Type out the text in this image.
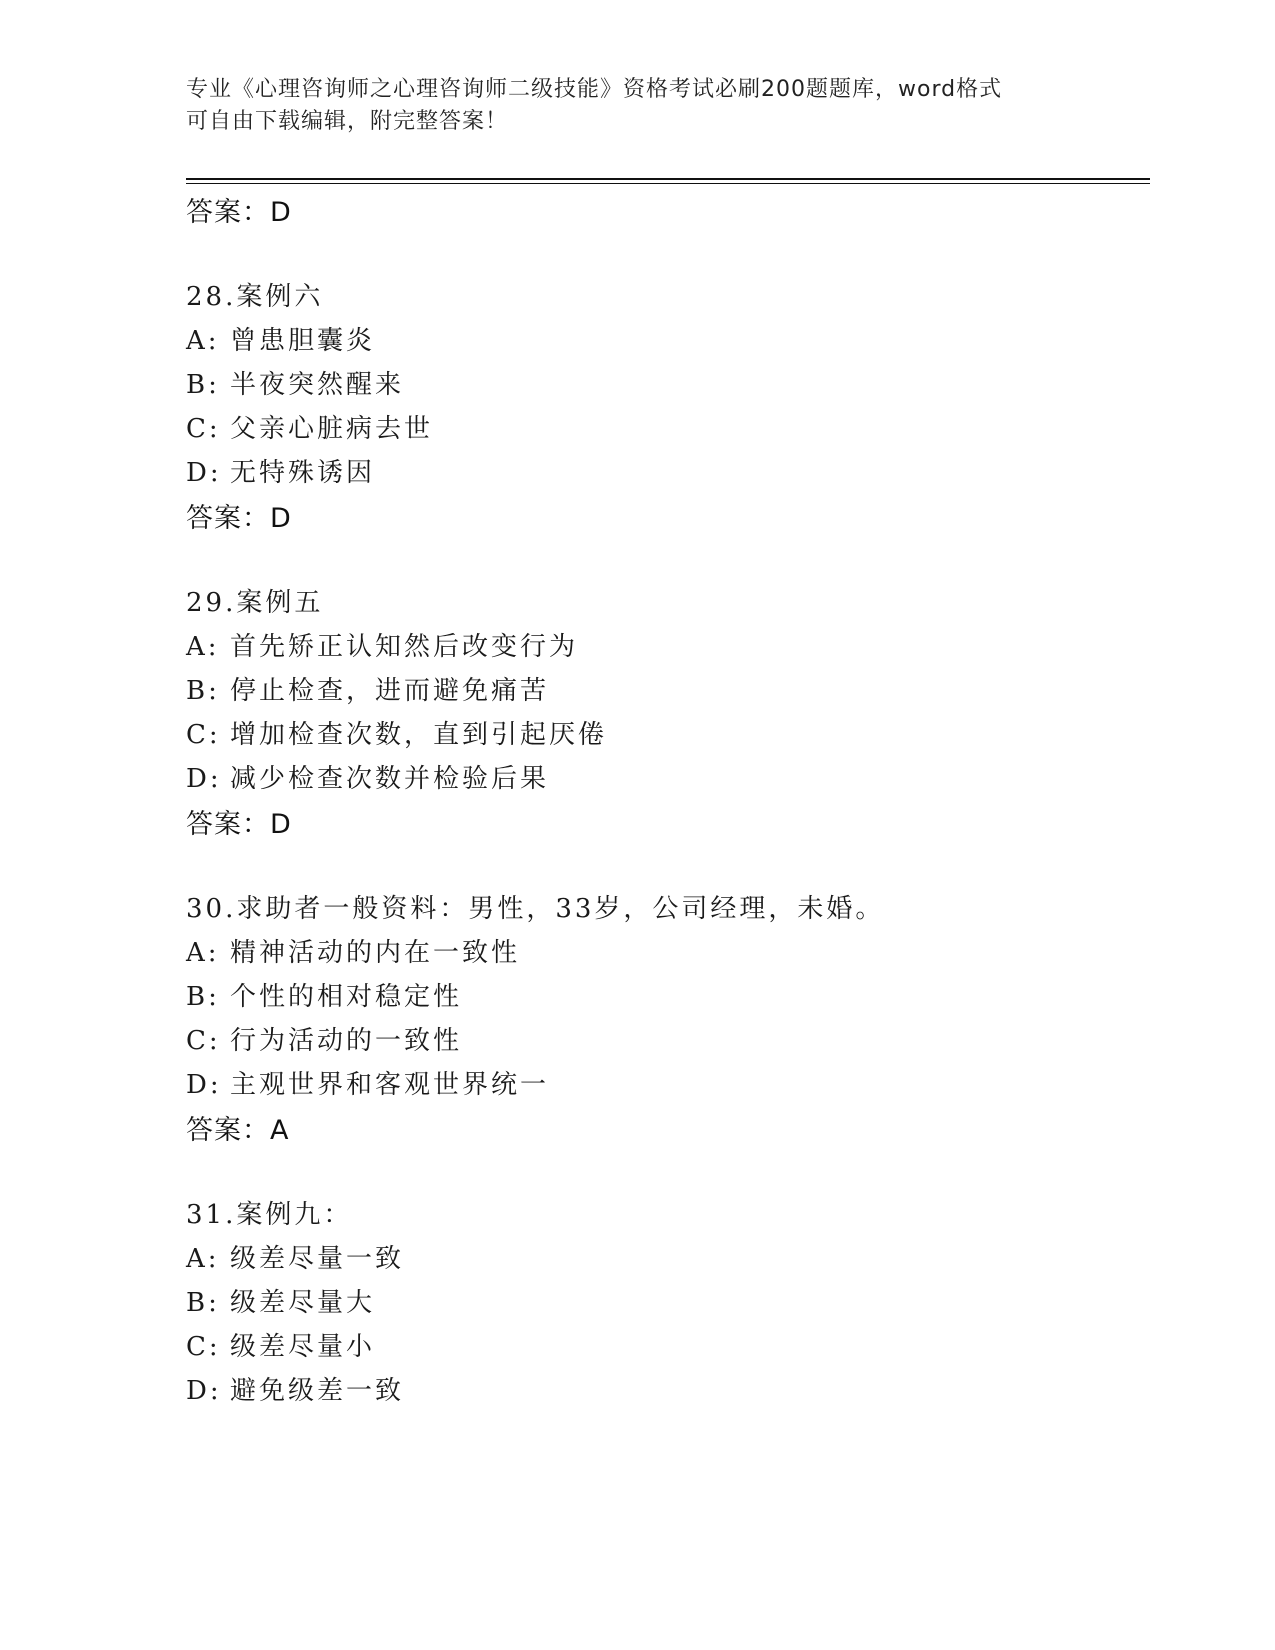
专业《心理咨询师之心理咨询师二级技能》资格考试必刷200题题库，word格式
可自由下载编辑，附完整答案！
答案：D
28.案例六
A: 曾患胆囊炎
B: 半夜突然醒来
C: 父亲心脏病去世
D: 无特殊诱因
答案：D
29.案例五
A: 首先矫正认知然后改变行为
B: 停止检查，进而避免痛苦
C: 增加检查次数，直到引起厌倦
D: 减少检查次数并检验后果
答案：D
30.求助者一般资料：男性，33岁，公司经理，未婚。
A: 精神活动的内在一致性
B: 个性的相对稳定性
C: 行为活动的一致性
D: 主观世界和客观世界统一
答案：A
31.案例九：
A: 级差尽量一致
B: 级差尽量大
C: 级差尽量小
D: 避免级差一致
